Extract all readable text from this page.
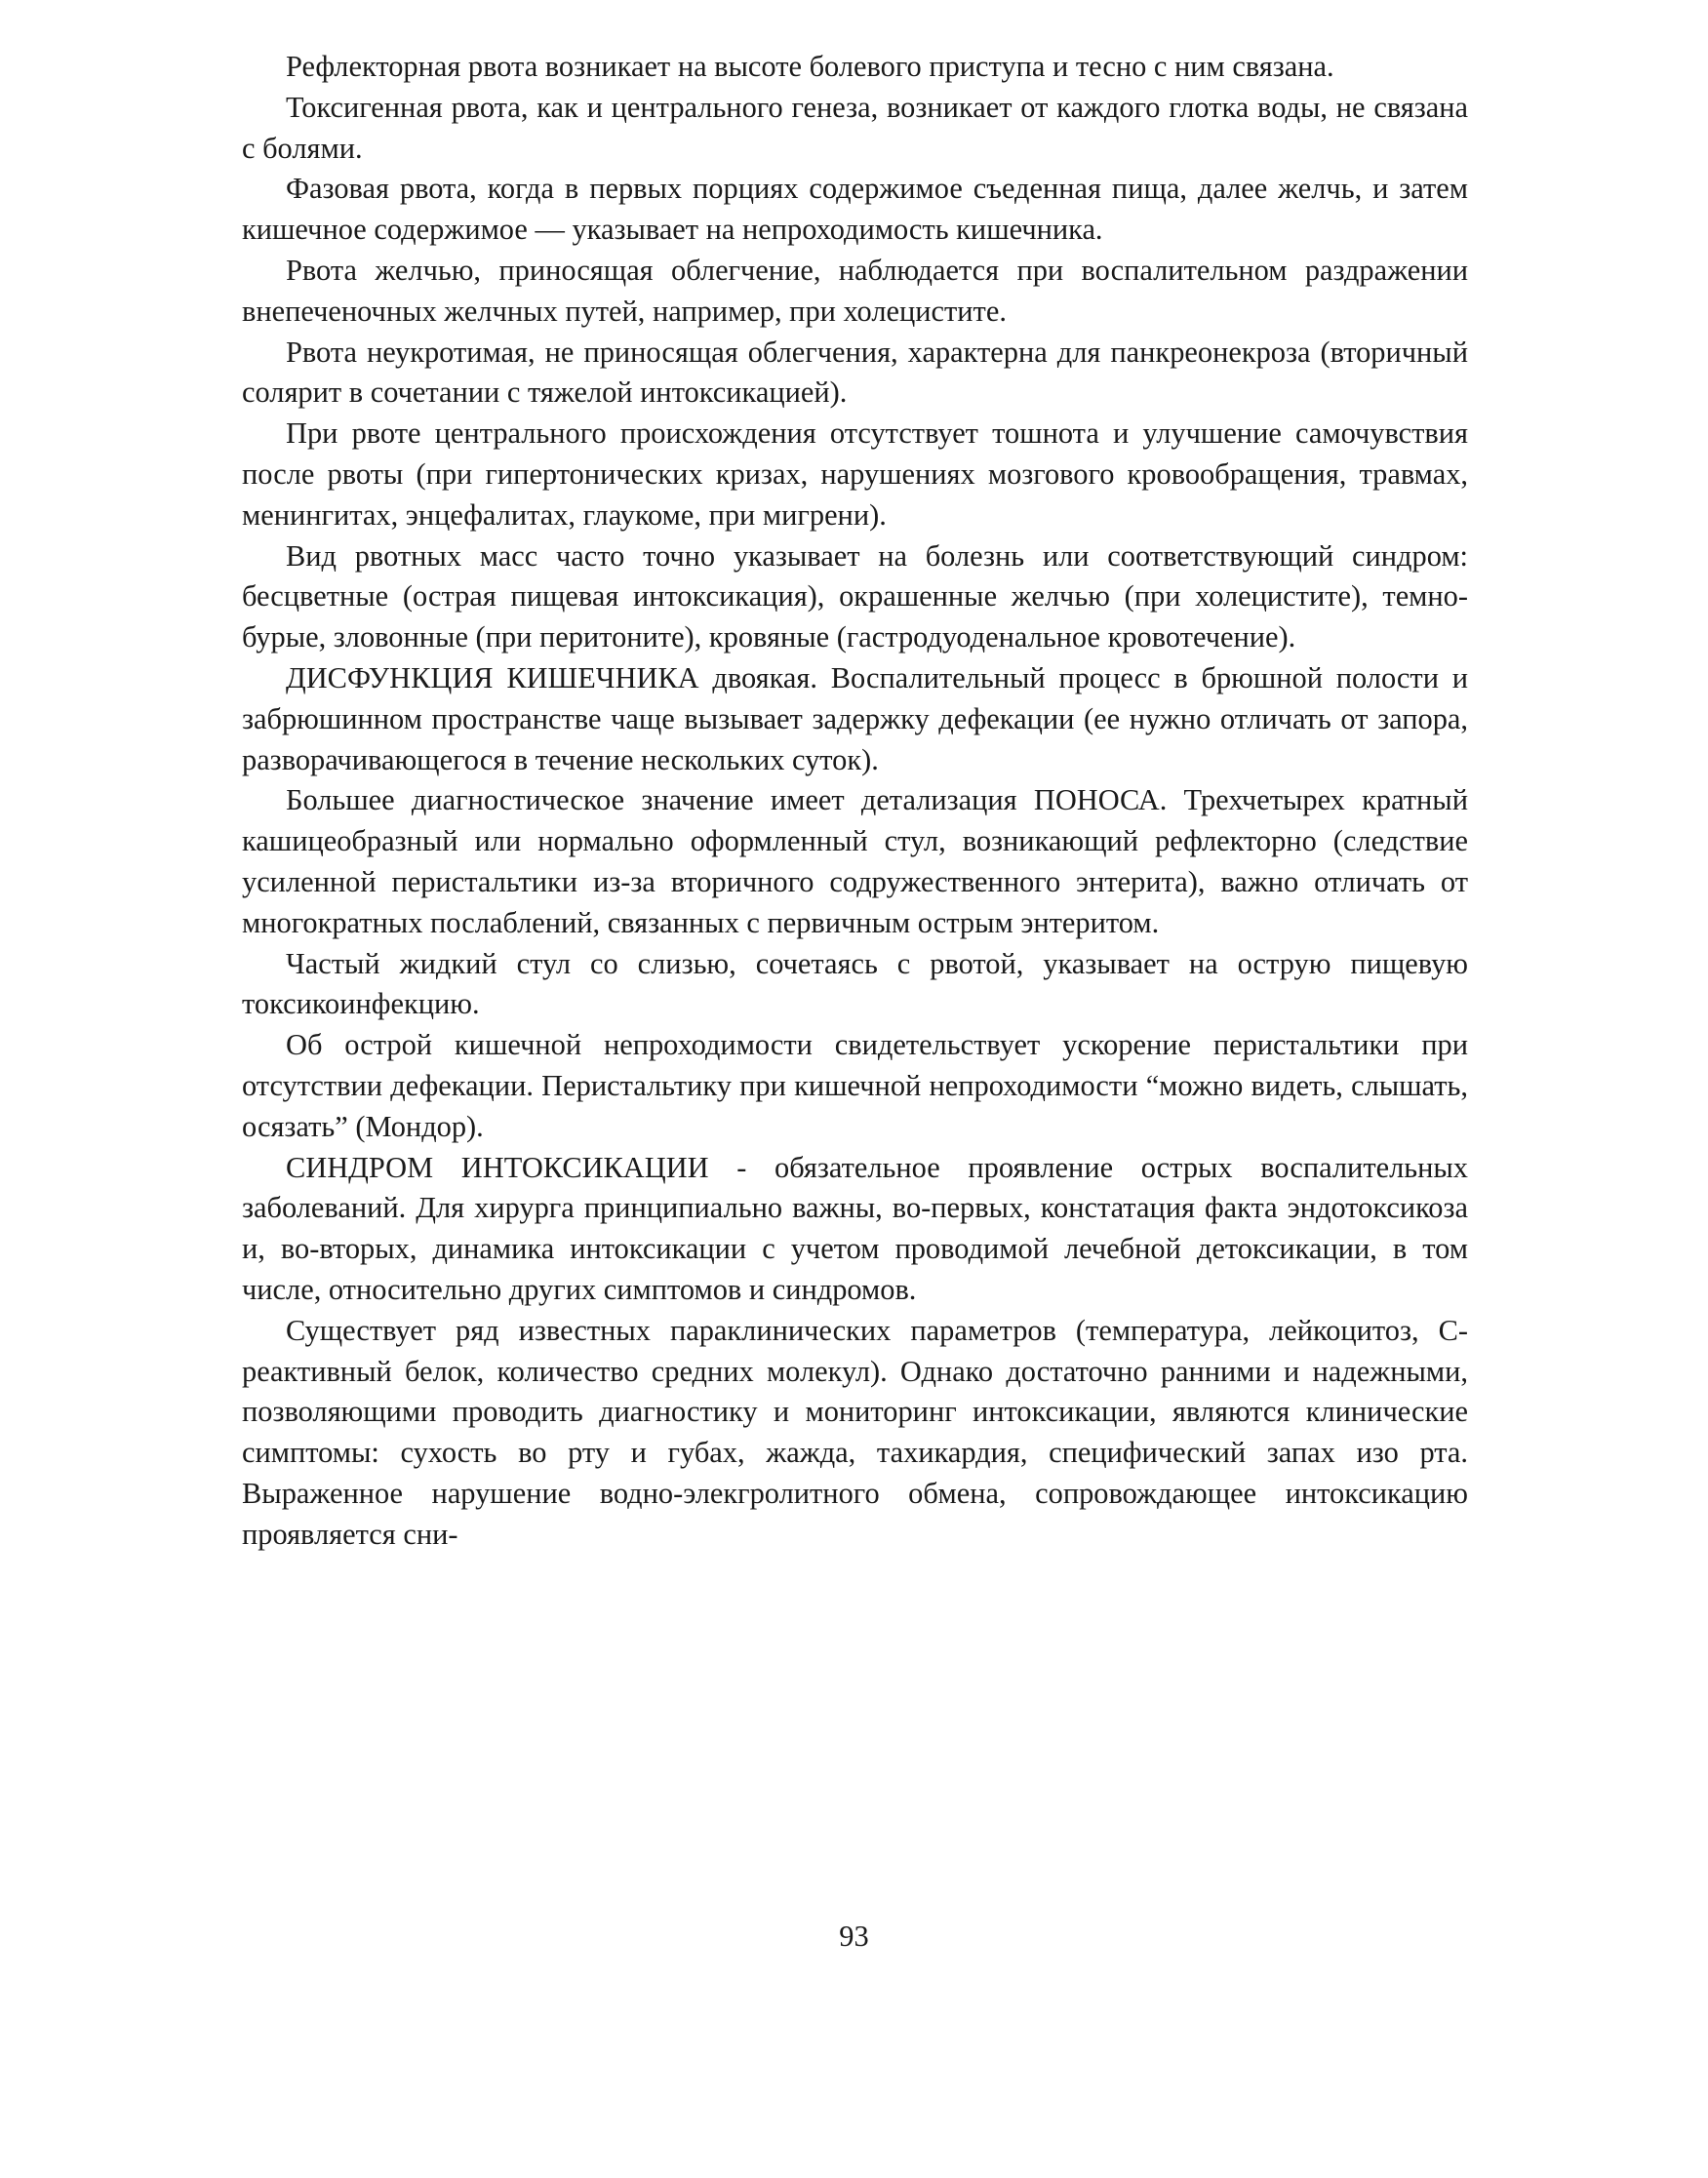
Рефлекторная рвота возникает на высоте болевого приступа и тесно с ним связана.

Токсигенная рвота, как и центрального генеза, возникает от каждого глотка воды, не связана с болями.

Фазовая рвота, когда в первых порциях содержимое съеденная пища, далее желчь, и затем кишечное содержимое — указывает на непроходимость кишечника.

Рвота желчью, приносящая облегчение, наблюдается при воспалительном раздражении внепеченочных желчных путей, например, при холецистите.

Рвота неукротимая, не приносящая облегчения, характерна для панкреонекроза (вторичный солярит в сочетании с тяжелой интоксикацией).

При рвоте центрального происхождения отсутствует тошнота и улучшение самочувствия после рвоты (при гипертонических кризах, нарушениях мозгового кровообращения, травмах, менингитах, энцефалитах, глаукоме, при мигрени).

Вид рвотных масс часто точно указывает на болезнь или соответствующий синдром: бесцветные (острая пищевая интоксикация), окрашенные желчью (при холецистите), темно-бурые, зловонные (при перитоните), кровяные (гастродуоденальное кровотечение).

ДИСФУНКЦИЯ КИШЕЧНИКА двоякая. Воспалительный процесс в брюшной полости и забрюшинном пространстве чаще вызывает задержку дефекации (ее нужно отличать от запора, разворачивающегося в течение нескольких суток).

Большее диагностическое значение имеет детализация ПОНОСА. Трехчетырех кратный кашицеобразный или нормально оформленный стул, возникающий рефлекторно (следствие усиленной перистальтики из-за вторичного содружественного энтерита), важно отличать от многократных послаблений, связанных с первичным острым энтеритом.

Частый жидкий стул со слизью, сочетаясь с рвотой, указывает на острую пищевую токсикоинфекцию.

Об острой кишечной непроходимости свидетельствует ускорение перистальтики при отсутствии дефекации. Перистальтику при кишечной непроходимости “можно видеть, слышать, осязать” (Мондор).

СИНДРОМ ИНТОКСИКАЦИИ - обязательное проявление острых воспалительных заболеваний. Для хирурга принципиально важны, во-первых, констатация факта эндотоксикоза и, во-вторых, динамика интоксикации с учетом проводимой лечебной детоксикации, в том числе, относительно других симптомов и синдромов.

Существует ряд известных параклинических параметров (температура, лейкоцитоз, С-реактивный белок, количество средних молекул). Однако достаточно ранними и надежными, позволяющими проводить диагностику и мониторинг интоксикации, являются клинические симптомы: сухость во рту и губах, жажда, тахикардия, специфический запах изо рта. Выраженное нарушение водно-элекгролитного обмена, сопровождающее интоксикацию проявляется сни-

93
